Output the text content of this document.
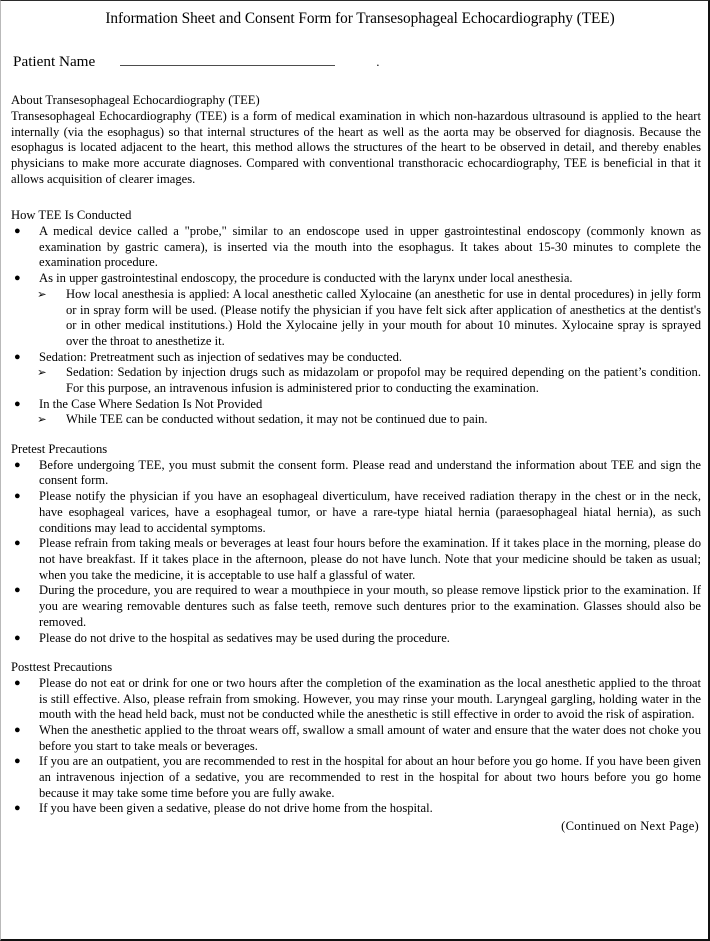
Information Sheet and Consent Form for Transesophageal Echocardiography (TEE)
Patient Name	.
About Transesophageal Echocardiography (TEE)

Transesophageal Echocardiography (TEE) is a form of medical examination in which non-hazardous ultrasound is applied to the heart internally (via the esophagus) so that internal structures of the heart as well as the aorta may be observed for diagnosis. Because the esophagus is located adjacent to the heart, this method allows the structures of the heart to be observed in detail, and thereby enables physicians to make more accurate diagnoses. Compared with conventional transthoracic echocardiography, TEE is beneficial in that it allows acquisition of clearer images.

How TEE Is Conducted
● A medical device called a "probe," similar to an endoscope used in upper gastrointestinal endoscopy (commonly known as examination by gastric camera), is inserted via the mouth into the esophagus. It takes about 15-30 minutes to complete the examination procedure.
● As in upper gastrointestinal endoscopy, the procedure is conducted with the larynx under local anesthesia.
➢ How local anesthesia is applied: A local anesthetic called Xylocaine (an anesthetic for use in dental procedures) in jelly form or in spray form will be used. (Please notify the physician if you have felt sick after application of anesthetics at the dentist's or in other medical institutions.) Hold the Xylocaine jelly in your mouth for about 10 minutes. Xylocaine spray is sprayed over the throat to anesthetize it.
● Sedation: Pretreatment such as injection of sedatives may be conducted.
➢ Sedation: Sedation by injection drugs such as midazolam or propofol may be required depending on the patient’s condition. For this purpose, an intravenous infusion is administered prior to conducting the examination.
● In the Case Where Sedation Is Not Provided
➢ While TEE can be conducted without sedation, it may not be continued due to pain.
Pretest Precautions
● Before undergoing TEE, you must submit the consent form. Please read and understand the information about TEE and sign the consent form.
● Please notify the physician if you have an esophageal diverticulum, have received radiation therapy in the chest or in the neck, have esophageal varices, have a esophageal tumor, or have a rare-type hiatal hernia (paraesophageal hiatal hernia), as such conditions may lead to accidental symptoms.
● Please refrain from taking meals or beverages at least four hours before the examination. If it takes place in the morning, please do not have breakfast. If it takes place in the afternoon, please do not have lunch. Note that your medicine should be taken as usual; when you take the medicine, it is acceptable to use half a glassful of water.
● During the procedure, you are required to wear a mouthpiece in your mouth, so please remove lipstick prior to the examination. If you are wearing removable dentures such as false teeth, remove such dentures prior to the examination. Glasses should also be removed.
● Please do not drive to the hospital as sedatives may be used during the procedure.
Posttest Precautions
● Please do not eat or drink for one or two hours after the completion of the examination as the local anesthetic applied to the throat is still effective. Also, please refrain from smoking. However, you may rinse your mouth. Laryngeal gargling, holding water in the mouth with the head held back, must not be conducted while the anesthetic is still effective in order to avoid the risk of aspiration.
● When the anesthetic applied to the throat wears off, swallow a small amount of water and ensure that the water does not choke you before you start to take meals or beverages.
● If you are an outpatient, you are recommended to rest in the hospital for about an hour before you go home. If you have been given an intravenous injection of a sedative, you are recommended to rest in the hospital for about two hours before you go home because it may take some time before you are fully awake.
● If you have been given a sedative, please do not drive home from the hospital.
(Continued on Next Page)
